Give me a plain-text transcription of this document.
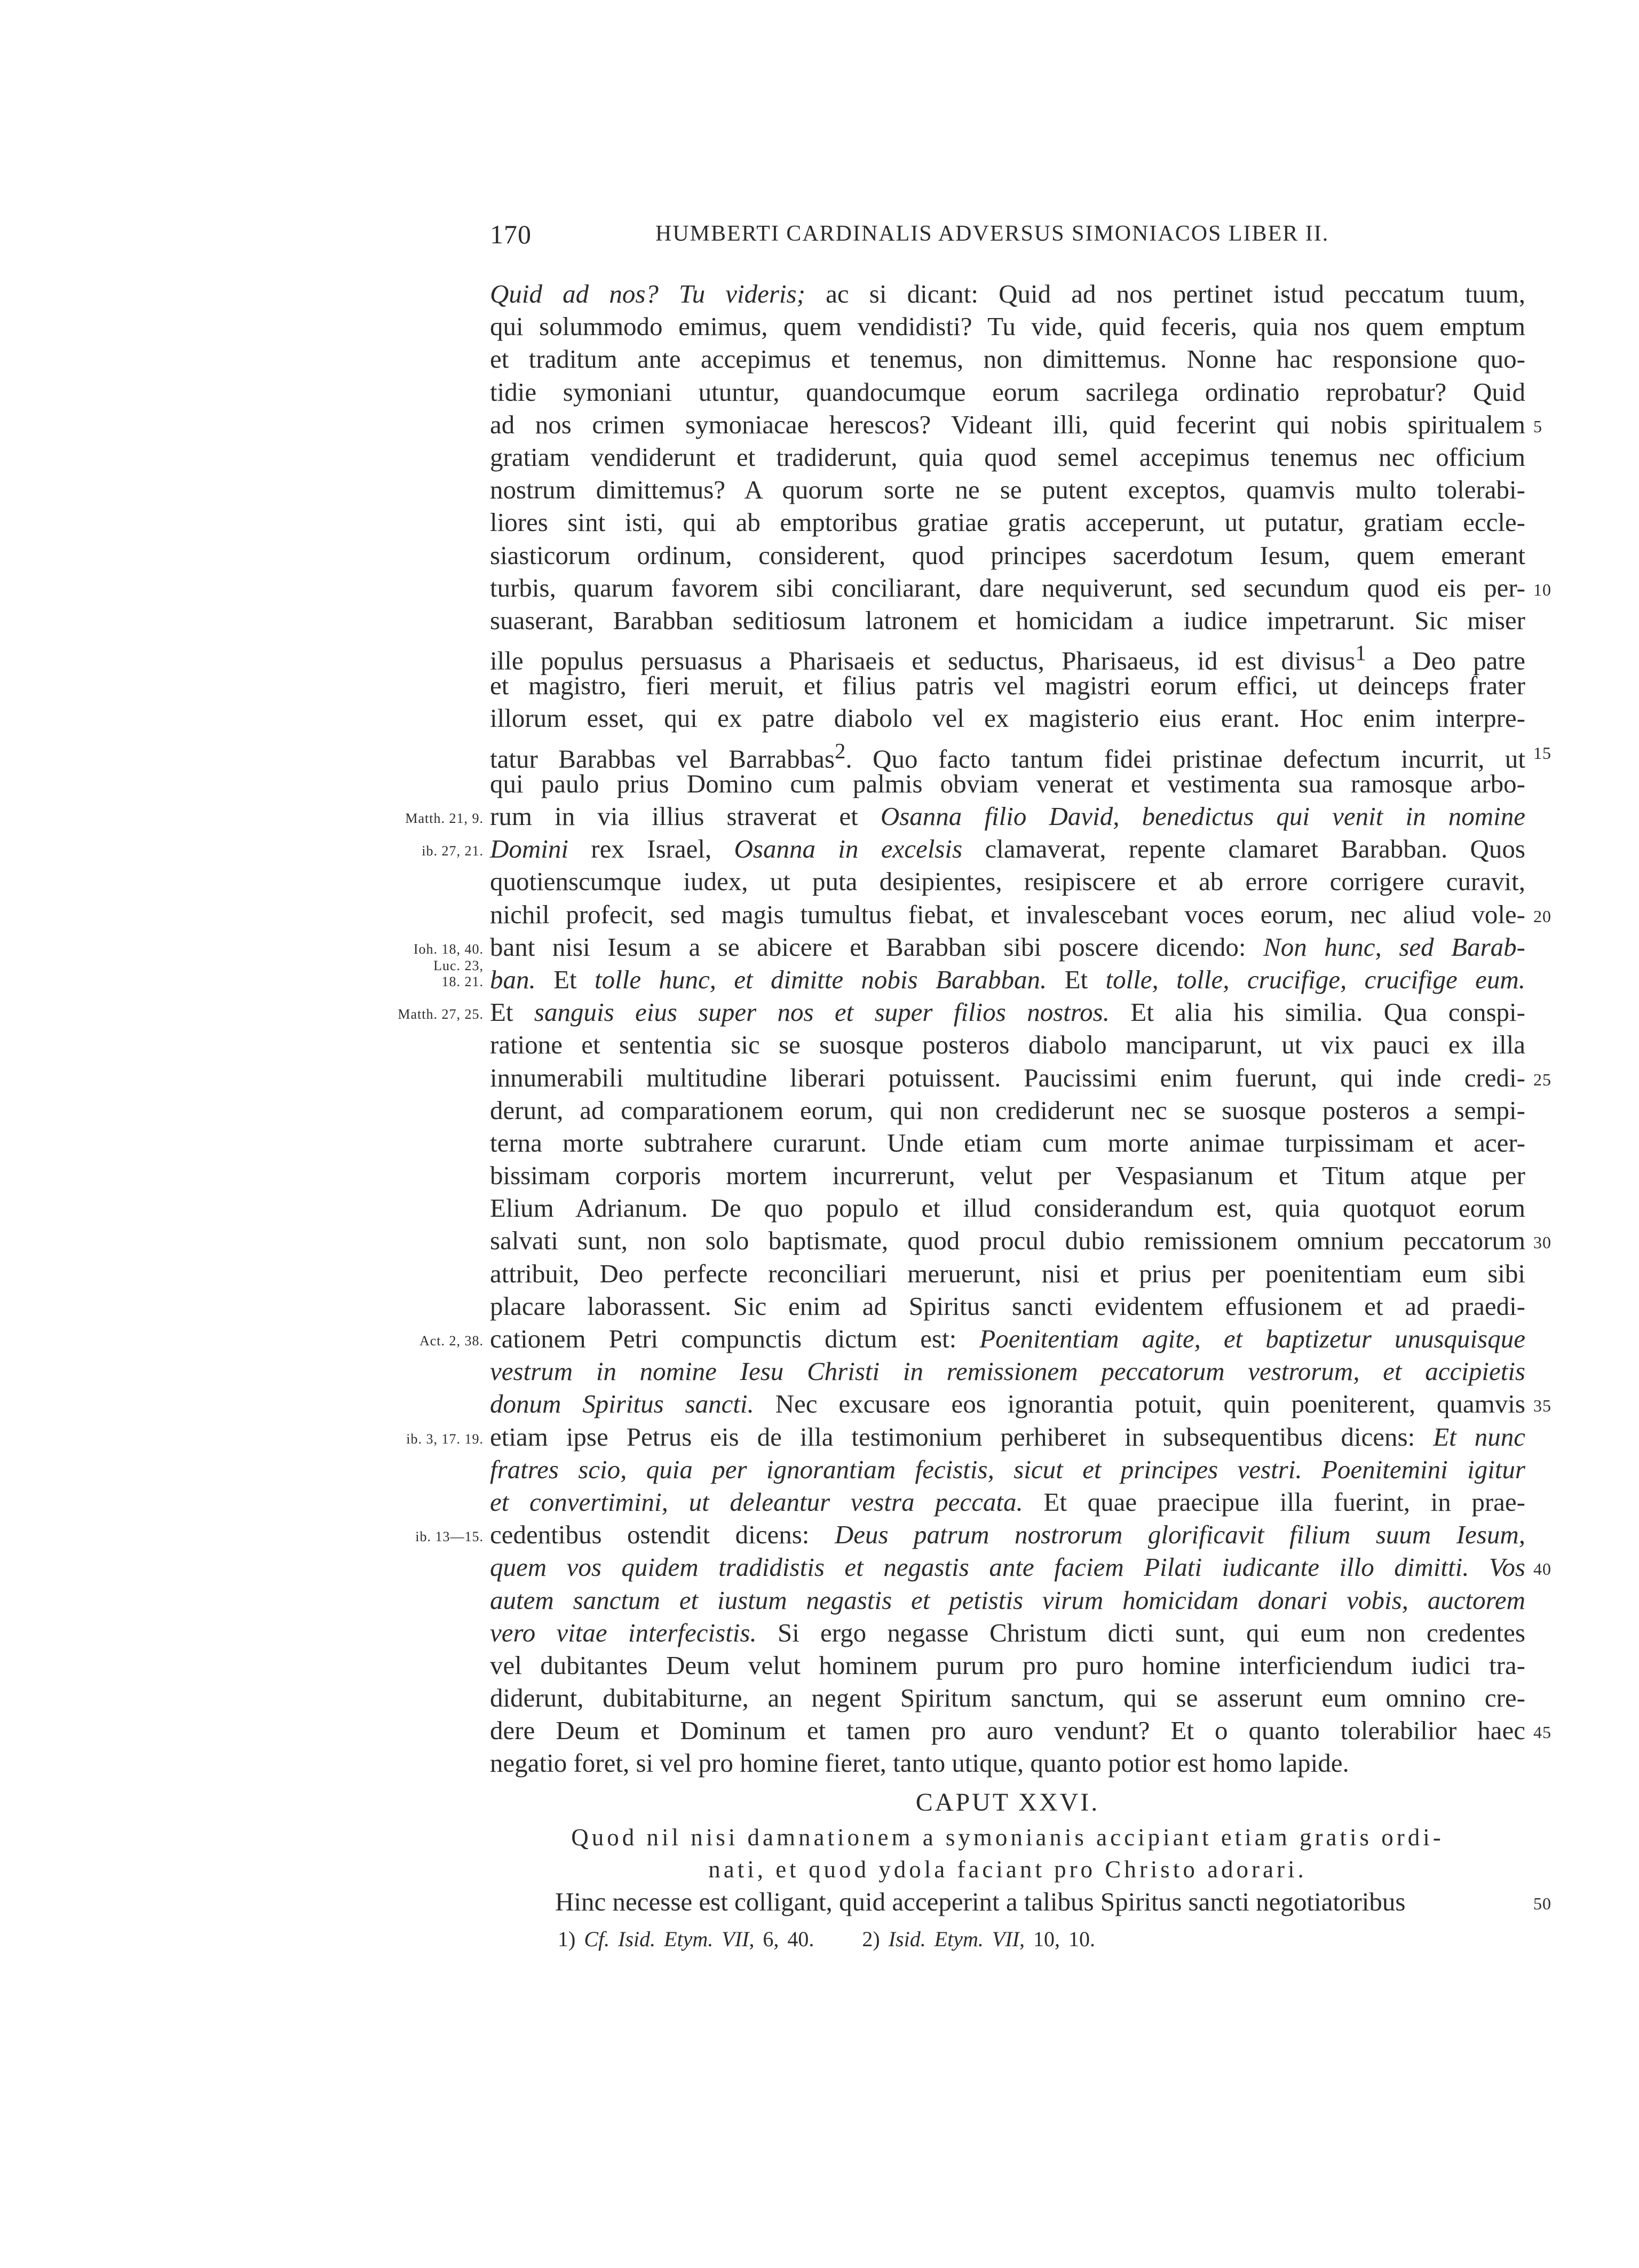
170	HUMBERTI CARDINALIS ADVERSUS SIMONIACOS LIBER II.
Quid ad nos? Tu videris; ac si dicant: Quid ad nos pertinet istud peccatum tuum,
qui solummodo emimus, quem vendidisti? Tu vide, quid feceris, quia nos quem emptum
et traditum ante accepimus et tenemus, non dimittemus. Nonne hac responsione quo-
tidie symoniani utuntur, quandocumque eorum sacrilega ordinatio reprobatur? Quid
ad nos crimen symoniacae herescos? Videant illi, quid fecerint qui nobis spiritualem 5
gratiam vendiderunt et tradiderunt, quia quod semel accepimus tenemus nec officium
nostrum dimittemus? A quorum sorte ne se putent exceptos, quamvis multo tolerabi-
liores sint isti, qui ab emptoribus gratiae gratis acceperunt, ut putatur, gratiam eccle-
siasticorum ordinum, considerent, quod principes sacerdotum Iesum, quem emerant
turbis, quarum favorem sibi conciliarant, dare nequiverunt, sed secundum quod eis per- 10
suaserant, Barabban seditiosum latronem et homicidam a iudice impetrarunt. Sic miser
ille populus persuasus a Pharisaeis et seductus, Pharisaeus, id est divisus$^1$ a Deo patre
et magistro, fieri meruit, et filius patris vel magistri eorum effici, ut deinceps frater
illorum esset, qui ex patre diabolo vel ex magisterio eius erant. Hoc enim interpre-
tatur Barabbas vel Barrabbas$^2$. Quo facto tantum fidei pristinae defectum incurrit, ut 15
qui paulo prius Domino cum palmis obviam venerat et vestimenta sua ramosque arbo-
rum in via illius straverat et Osanna filio David, benedictus qui venit in nomine
Matth. 21, 9.
Domini rex Israel, Osanna in excelsis clamaverat, repente clamaret Barabban. Quos
ib. 27, 21.
quotienscumque iudex, ut puta desipientes, resipiscere et ab errore corrigere curavit,
nichil profecit, sed magis tumultus fiebat, et invalescebant voces eorum, nec aliud vole- 20
bant nisi Iesum a se abicere et Barabban sibi poscere dicendo: Non hunc, sed Barab-
Ioh. 18, 40.
ban. Et tolle hunc, et dimitte nobis Barabban. Et tolle, tolle, crucifige, crucifige eum.
Luc. 23,
18. 21.
Et sanguis eius super nos et super filios nostros. Et alia his similia. Qua conspi-
Matth. 27, 25.
ratione et sententia sic se suosque posteros diabolo manciparunt, ut vix pauci ex illa
innumerabili multitudine liberari potuissent. Paucissimi enim fuerunt, qui inde credi- 25
derunt, ad comparationem eorum, qui non crediderunt nec se suosque posteros a sempi-
terna morte subtrahere curarunt. Unde etiam cum morte animae turpissimam et acer-
bissimam corporis mortem incurrerunt, velut per Vespasianum et Titum atque per
Elium Adrianum. De quo populo et illud considerandum est, quia quotquot eorum
salvati sunt, non solo baptismate, quod procul dubio remissionem omnium peccatorum 30
attribuit, Deo perfecte reconciliari meruerunt, nisi et prius per poenitentiam eum sibi
placare laborassent. Sic enim ad Spiritus sancti evidentem effusionem et ad praedi-
cationem Petri compunctis dictum est: Poenitentiam agite, et baptizetur unusquisque
Act. 2, 38.
vestrum in nomine Iesu Christi in remissionem peccatorum vestrorum, et accipietis
donum Spiritus sancti. Nec excusare eos ignorantia potuit, quin poeniterent, quamvis 35
etiam ipse Petrus eis de illa testimonium perhiberet in subsequentibus dicens: Et nunc
ib. 3, 17. 19.
fratres scio, quia per ignorantiam fecistis, sicut et principes vestri. Poenitemini igitur
et convertimini, ut deleantur vestra peccata. Et quae praecipue illa fuerint, in prae-
cedentibus ostendit dicens: Deus patrum nostrorum glorificavit filium suum Iesum,
ib. 13—15.
quem vos quidem tradidistis et negastis ante faciem Pilati iudicante illo dimitti. Vos 40
autem sanctum et iustum negastis et petistis virum homicidam donari vobis, auctorem
vero vitae interfecistis. Si ergo negasse Christum dicti sunt, qui eum non credentes
vel dubitantes Deum velut hominem purum pro puro homine interficiendum iudici tra-
diderunt, dubitabiturne, an negent Spiritum sanctum, qui se asserunt eum omnino cre-
dere Deum et Dominum et tamen pro auro vendunt? Et o quanto tolerabilior haec 45
negatio foret, si vel pro homine fieret, tanto utique, quanto potior est homo lapide.
CAPUT XXVI.
Quod nil nisi damnationem a symonianis accipiant etiam gratis ordi-
nati, et quod ydola faciant pro Christo adorari.
Hinc necesse est colligant, quid acceperint a talibus Spiritus sancti negotiatoribus	50
1) Cf. Isid. Etym. VII, 6, 40. 2) Isid. Etym. VII, 10, 10.
